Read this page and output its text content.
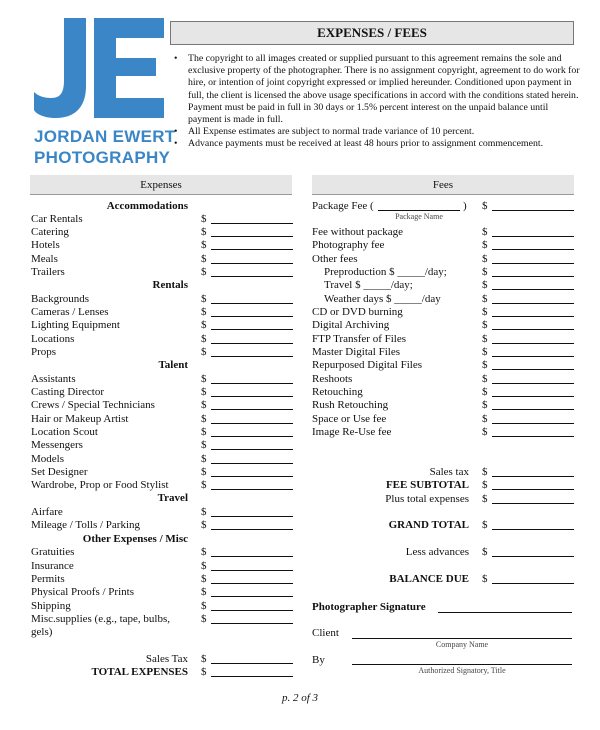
JORDAN EWERT
PHOTOGRAPHY
EXPENSES / FEES
• The copyright to all images created or supplied pursuant to this agreement remains the sole and exclusive property of the photographer. There is no assignment copyright, agreement to do work for hire, or intention of joint copyright expressed or implied hereunder. Conditioned upon payment in full, the client is licensed the above usage specifications in accord with the conditions stated herein. Payment must be paid in full in 30 days or 1.5% percent interest on the unpaid balance until payment is made in full.
• All Expense estimates are subject to normal trade variance of 10 percent.
• Advance payments must be received at least 48 hours prior to assignment commencement.
Expenses	Fees
Accommodations
Car Rentals
Catering
Hotels
Meals
Trailers
Rentals
Backgrounds
Cameras / Lenses
Lighting Equipment
Locations
Props
Talent
Assistants
Casting Director
Crews / Special Technicians
Hair or Makeup Artist
Location Scout
Messengers
Models
Set Designer
Wardrobe, Prop or Food Stylist
Travel
Airfare
Mileage / Tolls / Parking
Other Expenses / Misc
Gratuities
Insurance
Permits
Physical Proofs / Prints
Shipping
Misc.supplies (e.g., tape, bulbs,
gels)
Sales Tax
TOTAL EXPENSES
Package Fee (	)
Package Name
Fee without package
Photography fee
Other fees
Preproduction $ _____/day;
Travel $ _____/day;
Weather days $ _____/day
CD or DVD burning
Digital Archiving
FTP Transfer of Files
Master Digital Files
Repurposed Digital Files
Reshoots
Retouching
Rush Retouching
Space or Use fee
Image Re-Use fee
Sales tax
FEE SUBTOTAL
Plus total expenses
GRAND TOTAL
Less advances
BALANCE DUE
Photographer Signature
Client
Company Name
By
Authorized Signatory, Title
p. 2 of 3
$
$
$
$
$
$
$
$
$
$
$
$
$
$
$
$
$
$
$
$
$
$
$
$
$
$
$
$
$
$
$
$
$
$
$
$
$
$
$
$
$
$
$
$
$
$
$
$
$
$
$
$
